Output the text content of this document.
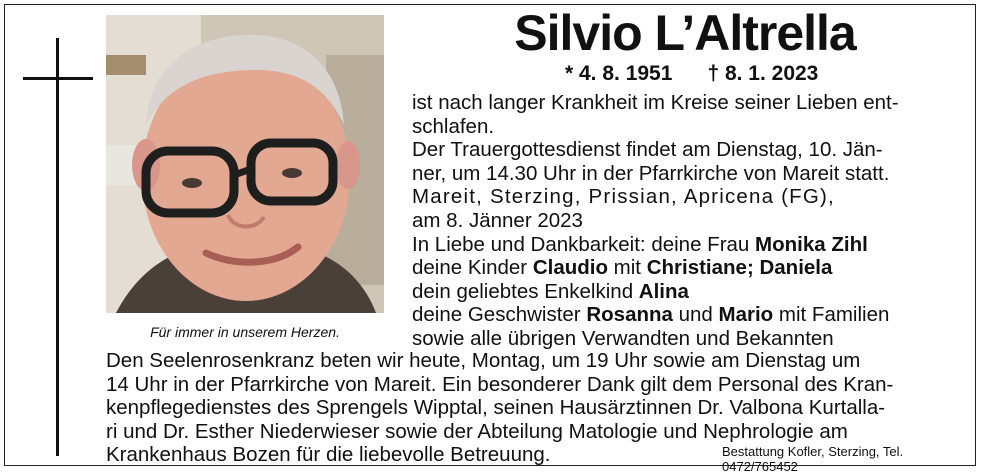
Für immer in unserem Herzen.
Silvio L’Altrella
* 4. 8. 1951 † 8. 1. 2023
ist nach langer Krankheit im Kreise seiner Lieben ent-
schlafen.
Der Trauergottesdienst findet am Dienstag, 10. Jän-
ner, um 14.30 Uhr in der Pfarrkirche von Mareit statt.
Mareit, Sterzing, Prissian, Apricena (FG),
am 8. Jänner 2023
In Liebe und Dankbarkeit: deine Frau Monika Zihl
deine Kinder Claudio mit Christiane; Daniela
dein geliebtes Enkelkind Alina
deine Geschwister Rosanna und Mario mit Familien
sowie alle übrigen Verwandten und Bekannten
Den Seelenrosenkranz beten wir heute, Montag, um 19 Uhr sowie am Dienstag um
14 Uhr in der Pfarrkirche von Mareit. Ein besonderer Dank gilt dem Personal des Kran-
kenpflegedienstes des Sprengels Wipptal, seinen Hausärztinnen Dr. Valbona Kurtalla-
ri und Dr. Esther Niederwieser sowie der Abteilung Matologie und Nephrologie am
Krankenhaus Bozen für die liebevolle Betreuung.	Bestattung Kofler, Sterzing, Tel. 0472/765452
